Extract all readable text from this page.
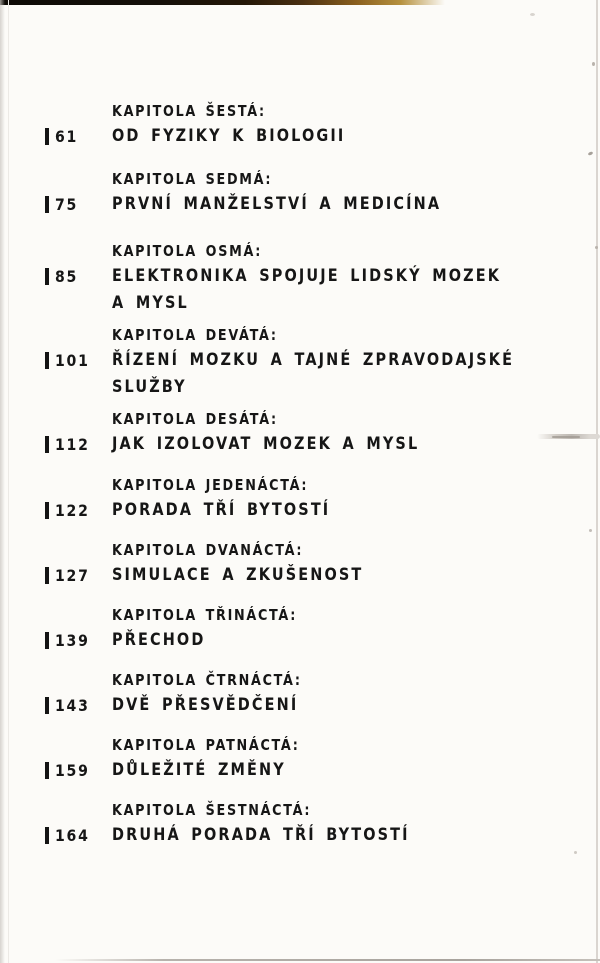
KAPITOLA ŠESTÁ:
61 OD FYZIKY K BIOLOGII
KAPITOLA SEDMÁ:
75 PRVNÍ MANŽELSTVÍ A MEDICÍNA
KAPITOLA OSMÁ:
85 ELEKTRONIKA SPOJUJE LIDSKÝ MOZEK
A MYSL
KAPITOLA DEVÁTÁ:
101 ŘÍZENÍ MOZKU A TAJNÉ ZPRAVODAJSKÉ
SLUŽBY
KAPITOLA DESÁTÁ:
112 JAK IZOLOVAT MOZEK A MYSL
KAPITOLA JEDENÁCTÁ:
122 PORADA TŘÍ BYTOSTÍ
KAPITOLA DVANÁCTÁ:
127 SIMULACE A ZKUŠENOST
KAPITOLA TŘINÁCTÁ:
139 PŘECHOD
KAPITOLA ČTRNÁCTÁ:
143 DVĚ PŘESVĚDČENÍ
KAPITOLA PATNÁCTÁ:
159 DŮLEŽITÉ ZMĚNY
KAPITOLA ŠESTNÁCTÁ:
164 DRUHÁ PORADA TŘÍ BYTOSTÍ
